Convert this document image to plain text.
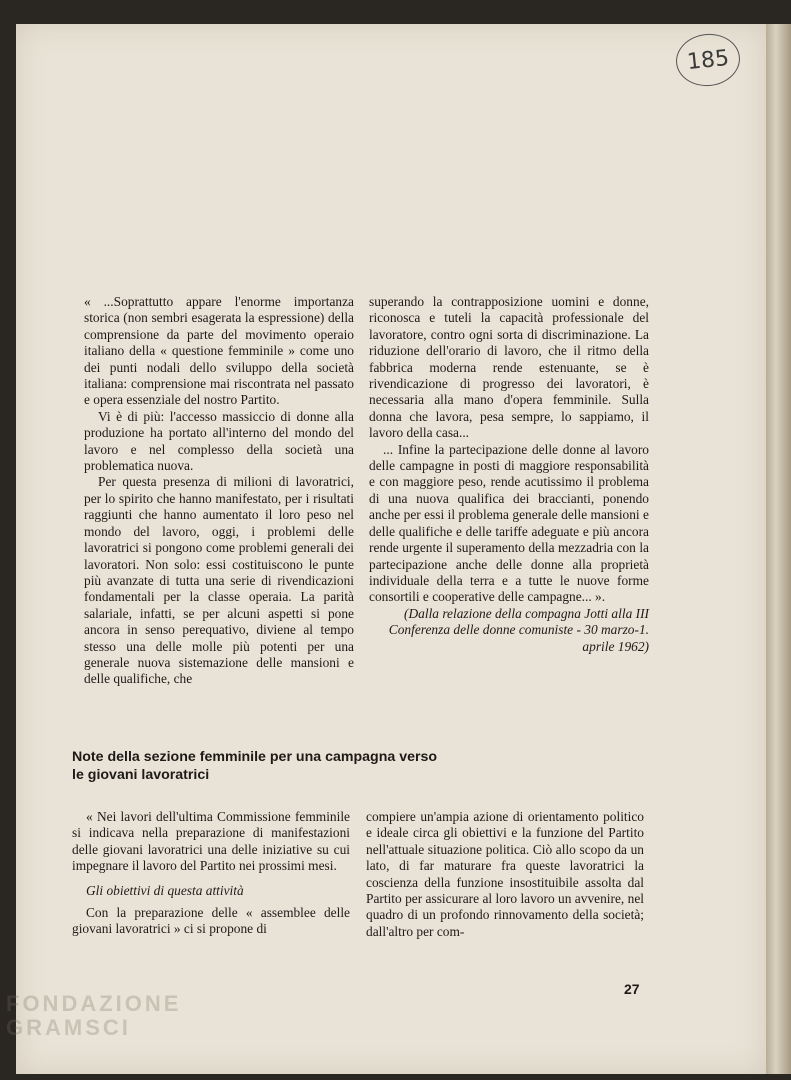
185

« ...Soprattutto appare l'enorme importanza storica (non sembri esagerata la espressione) della comprensione da parte del movimento operaio italiano della « questione femminile » come uno dei punti nodali dello sviluppo della società italiana: comprensione mai riscontrata nel passato e opera essenziale del nostro Partito.

Vi è di più: l'accesso massiccio di donne alla produzione ha portato all'interno del mondo del lavoro e nel complesso della società una problematica nuova.

Per questa presenza di milioni di lavoratrici, per lo spirito che hanno manifestato, per i risultati raggiunti che hanno aumentato il loro peso nel mondo del lavoro, oggi, i problemi delle lavoratrici si pongono come problemi generali dei lavoratori. Non solo: essi costituiscono le punte più avanzate di tutta una serie di rivendicazioni fondamentali per la classe operaia. La parità salariale, infatti, se per alcuni aspetti si pone ancora in senso perequativo, diviene al tempo stesso una delle molle più potenti per una generale nuova sistemazione delle mansioni e delle qualifiche, che

superando la contrapposizione uomini e donne, riconosca e tuteli la capacità professionale del lavoratore, contro ogni sorta di discriminazione. La riduzione dell'orario di lavoro, che il ritmo della fabbrica moderna rende estenuante, se è rivendicazione di progresso dei lavoratori, è necessaria alla mano d'opera femminile. Sulla donna che lavora, pesa sempre, lo sappiamo, il lavoro della casa...

... Infine la partecipazione delle donne al lavoro delle campagne in posti di maggiore responsabilità e con maggiore peso, rende acutissimo il problema di una nuova qualifica dei braccianti, ponendo anche per essi il problema generale delle mansioni e delle qualifiche e delle tariffe adeguate e più ancora rende urgente il superamento della mezzadria con la partecipazione anche delle donne alla proprietà individuale della terra e a tutte le nuove forme consortili e cooperative delle campagne... ».

(Dalla relazione della compagna Jotti alla III Conferenza delle donne comuniste - 30 marzo-1. aprile 1962)

Note della sezione femminile per una campagna verso le giovani lavoratrici

« Nei lavori dell'ultima Commissione femminile si indicava nella preparazione di manifestazioni delle giovani lavoratrici una delle iniziative su cui impegnare il lavoro del Partito nei prossimi mesi.

Gli obiettivi di questa attività

Con la preparazione delle « assemblee delle giovani lavoratrici » ci si propone di

compiere un'ampia azione di orientamento politico e ideale circa gli obiettivi e la funzione del Partito nell'attuale situazione politica. Ciò allo scopo da un lato, di far maturare fra queste lavoratrici la coscienza della funzione insostituibile assolta dal Partito per assicurare al loro lavoro un avvenire, nel quadro di un profondo rinnovamento della società; dall'altro per com-

27
FONDAZIONE
GRAMSCI
